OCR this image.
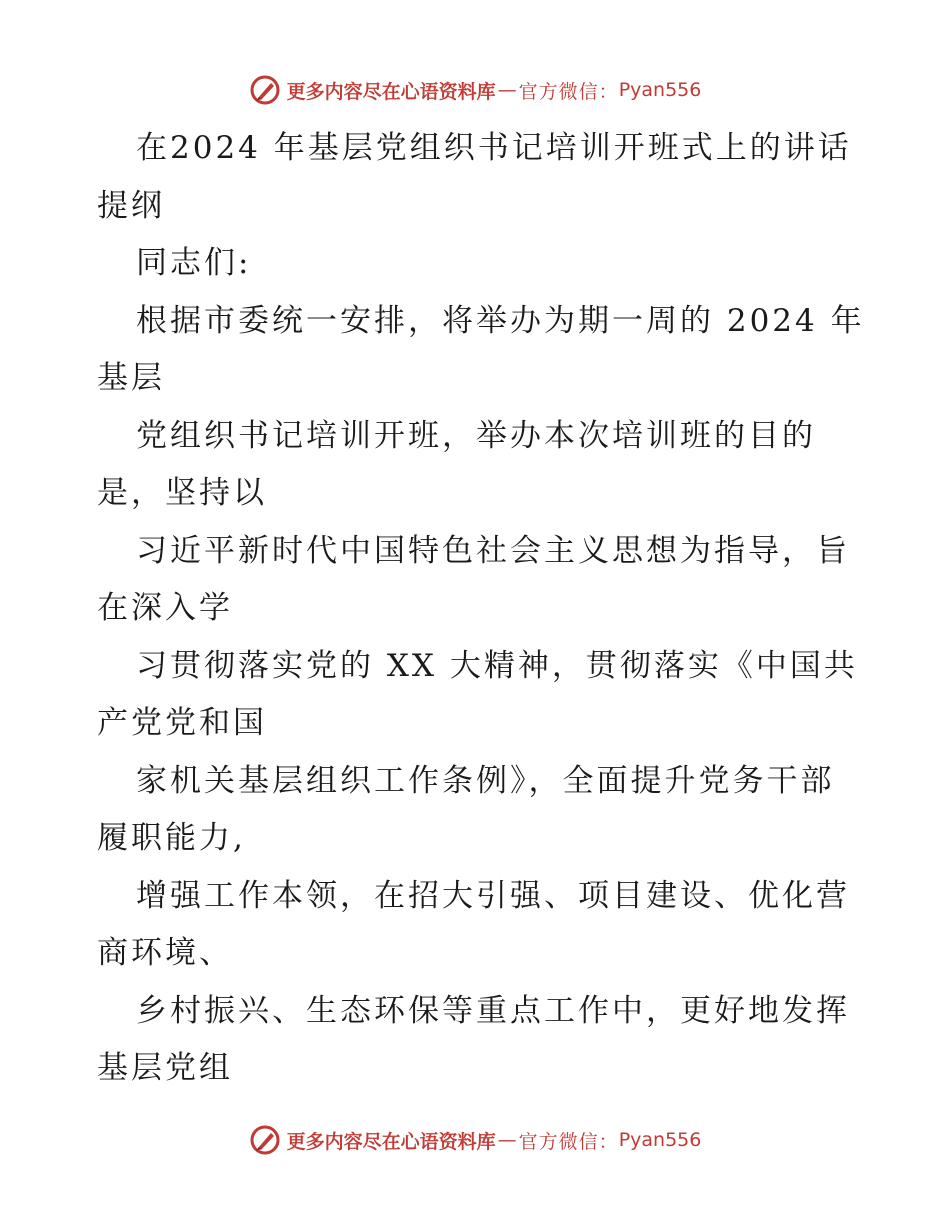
更多内容尽在心语资料库 — 官方微信： Pyan556
在2024 年基层党组织书记培训开班式上的讲话
提纲
同志们:
根据市委统一安排，将举办为期一周的 2024 年
基层
党组织书记培训开班，举办本次培训班的目的
是，坚持以
习近平新时代中国特色社会主义思想为指导，旨
在深入学
习贯彻落实党的 XX 大精神，贯彻落实《中国共
产党党和国
家机关基层组织工作条例》，全面提升党务干部
履职能力,
增强工作本领，在招大引强、项目建设、优化营
商环境、
乡村振兴、生态环保等重点工作中，更好地发挥
基层党组
更多内容尽在心语资料库 — 官方微信： Pyan556
